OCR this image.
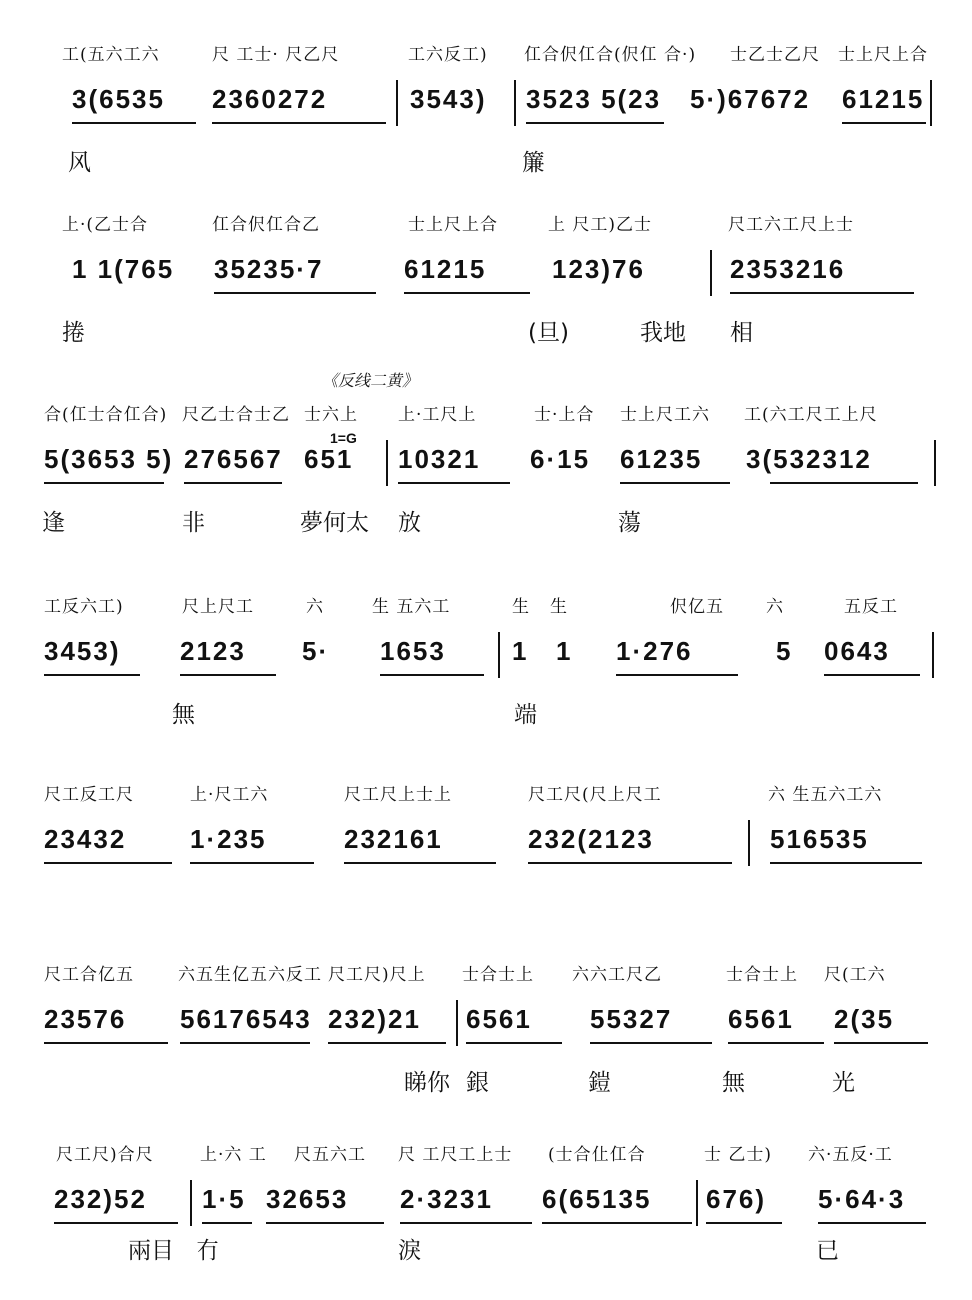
工(五六工六	尺 工士· 尺乙尺	工六反工) 仜合伬仜合(伬仜 合·) 士乙士乙尺 士上尺上合
3(6535 2360272	3543) 3523 5(23 5·)67672 61215
风	簾
上·(乙士合	仜合伬仜合乙	士上尺上合	上 尺工)乙士	尺工六工尺上士
1 1(765 35235·7	61215	123)76	2353216
捲	(旦)	我地 相
《反线二黄》
1=G
合(仜士合仜合) 尺乙士合士乙 士六上 上·工尺上	士·上合 士上尺工六 工(六工尺工上尺
5(3653 5) 276567 651 10321 6·15 61235 3(532312
逢	非	夢何太 放	蕩
工反六工)	尺上尺工	六	生 五六工	生 生	伬亿五 六	五反工
3453) 2123 5· 1653	1 1 1·276	5 0643
無	端
尺工反工尺	上·尺工六	尺工尺上士上	尺工尺(尺上尺工	六 生五六工六
23432 1·235	232161	232(2123	516535
尺工合亿五	六五生亿五六反工 尺工尺)尺上 士合士上 六六工尺乙	士合士上 尺(工六
23576 56176543 232)21 6561 55327 6561 2(35
睇你 銀	鎧	無	光
尺工尺)合尺	上·六 工 尺五六工 尺 工尺工上士 (士合仩仜合	士 乙士) 六·五反·工
232)52 1·5 32653 2·3231 6(65135 676) 5·64·3
兩目 冇	淚	已
